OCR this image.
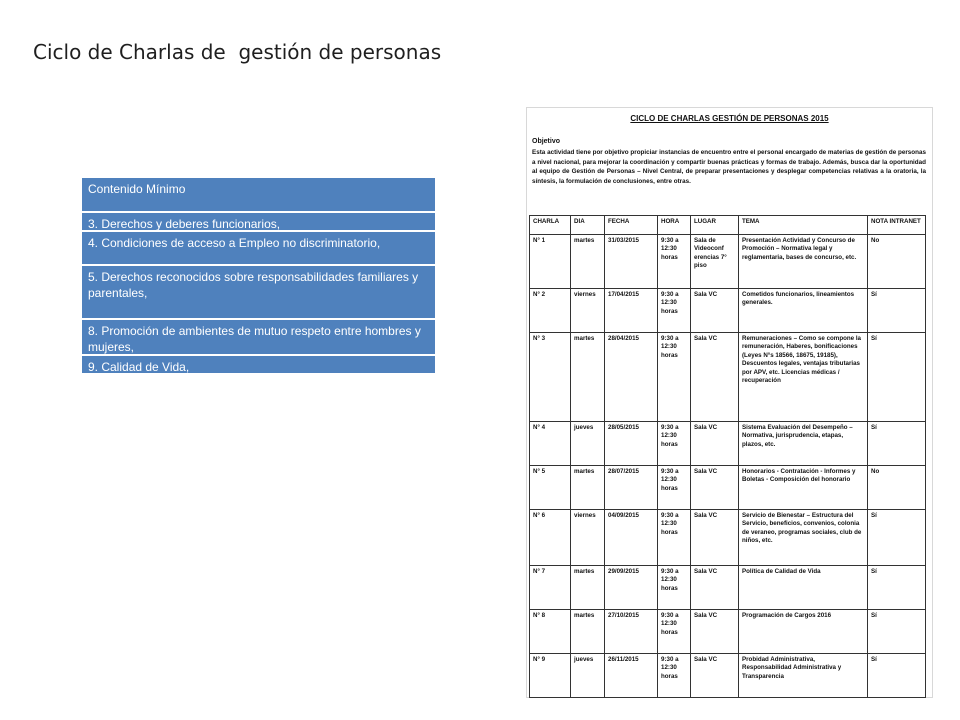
Ciclo de Charlas de  gestión de personas
Contenido Mínimo
3. Derechos y deberes funcionarios,
4. Condiciones de acceso a Empleo no discriminatorio,
5. Derechos reconocidos sobre responsabilidades familiares y parentales,
8. Promoción de ambientes de mutuo respeto entre hombres y mujeres,
9. Calidad de Vida,
CICLO DE CHARLAS GESTIÓN DE PERSONAS 2015
Objetivo
Esta actividad tiene por objetivo propiciar instancias de encuentro entre el personal encargado de materias de gestión de personas a nivel nacional, para mejorar la coordinación y compartir buenas prácticas y formas de trabajo. Además, busca dar la oportunidad al equipo de Gestión de Personas – Nivel Central, de preparar presentaciones y desplegar competencias relativas a la oratoria, la síntesis, la formulación de conclusiones, entre otras.
CHARLA	DIA	FECHA	HORA	LUGAR	TEMA	NOTA INTRANET
N° 1	martes	31/03/2015	9:30 a 12:30 horas	Sala de Videoconf erencias 7° piso	Presentación Actividad y Concurso de Promoción – Normativa legal y reglamentaria, bases de concurso, etc.	No
N° 2	viernes	17/04/2015	9:30 a 12:30 horas	Sala VC	Cometidos funcionarios, lineamientos generales.	Sí
N° 3	martes	28/04/2015	9:30 a 12:30 horas	Sala VC	Remuneraciones – Como se compone la remuneración, Haberes, bonificaciones (Leyes N°s 18566, 18675, 19185), Descuentos legales, ventajas tributarias por APV, etc. Licencias médicas / recuperación	Sí
N° 4	jueves	28/05/2015	9:30 a 12:30 horas	Sala VC	Sistema Evaluación del Desempeño – Normativa, jurisprudencia, etapas, plazos, etc.	Sí
N° 5	martes	28/07/2015	9:30 a 12:30 horas	Sala VC	Honorarios - Contratación - Informes y Boletas - Composición del honorario	No
N° 6	viernes	04/09/2015	9:30 a 12:30 horas	Sala VC	Servicio de Bienestar – Estructura del Servicio, beneficios, convenios, colonia de veraneo, programas sociales, club de niños, etc.	Sí
N° 7	martes	29/09/2015	9:30 a 12:30 horas	Sala VC	Política de Calidad de Vida	Sí
N° 8	martes	27/10/2015	9:30 a 12:30 horas	Sala VC	Programación de Cargos 2016	Sí
N° 9	jueves	26/11/2015	9:30 a 12:30 horas	Sala VC	Probidad Administrativa, Responsabilidad Administrativa y Transparencia	Sí
